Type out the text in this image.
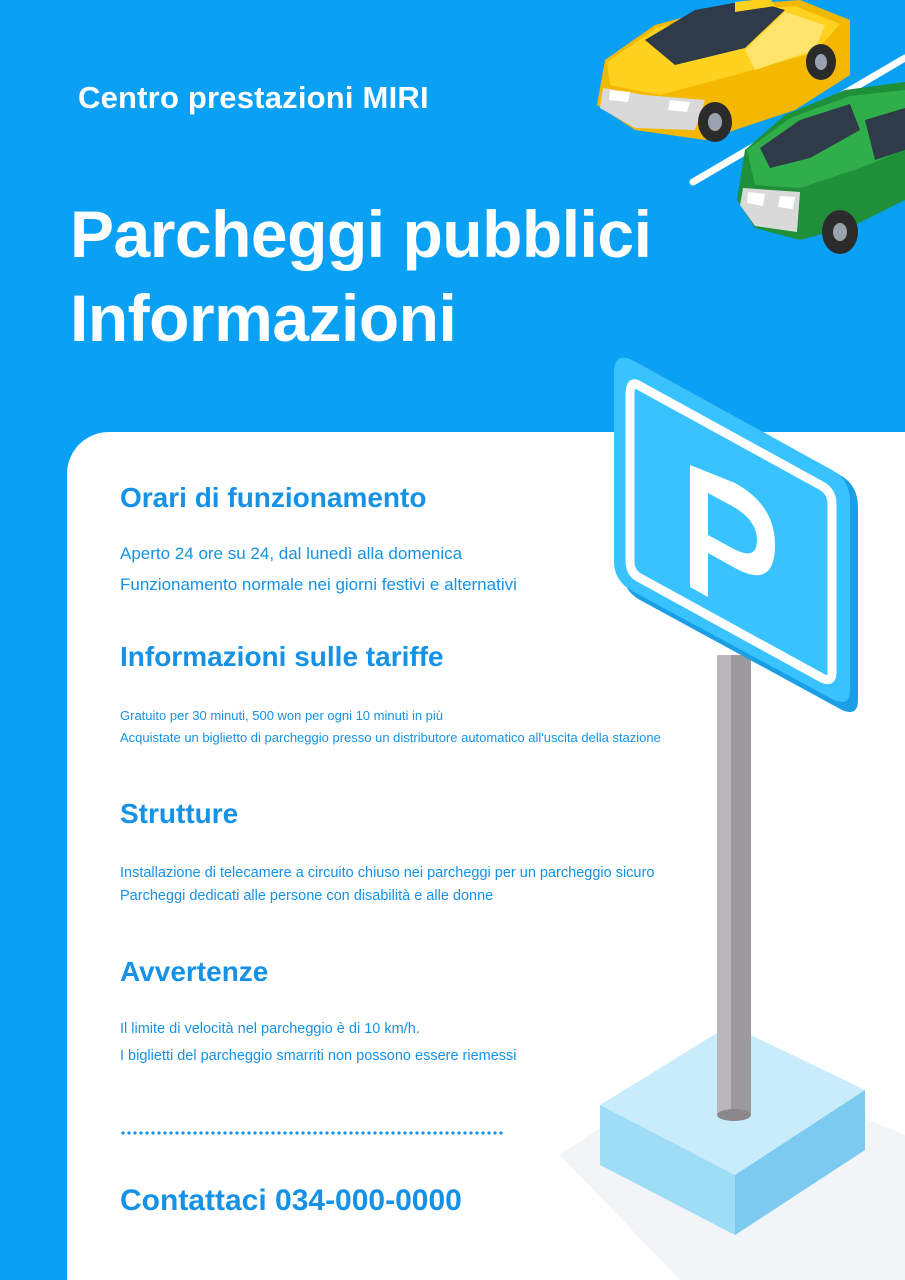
Centro prestazioni MIRI
Parcheggi pubblici
Informazioni
Orari di funzionamento
Aperto 24 ore su 24, dal lunedì alla domenica
Funzionamento normale nei giorni festivi e alternativi
Informazioni sulle tariffe
Gratuito per 30 minuti, 500 won per ogni 10 minuti in più
Acquistate un biglietto di parcheggio presso un distributore automatico all'uscita della stazione
Strutture
Installazione di telecamere a circuito chiuso nei parcheggi per un parcheggio sicuro
Parcheggi dedicati alle persone con disabilità e alle donne
Avvertenze
Il limite di velocità nel parcheggio è di 10 km/h.
I biglietti del parcheggio smarriti non possono essere riemessi
Contattaci 034-000-0000
